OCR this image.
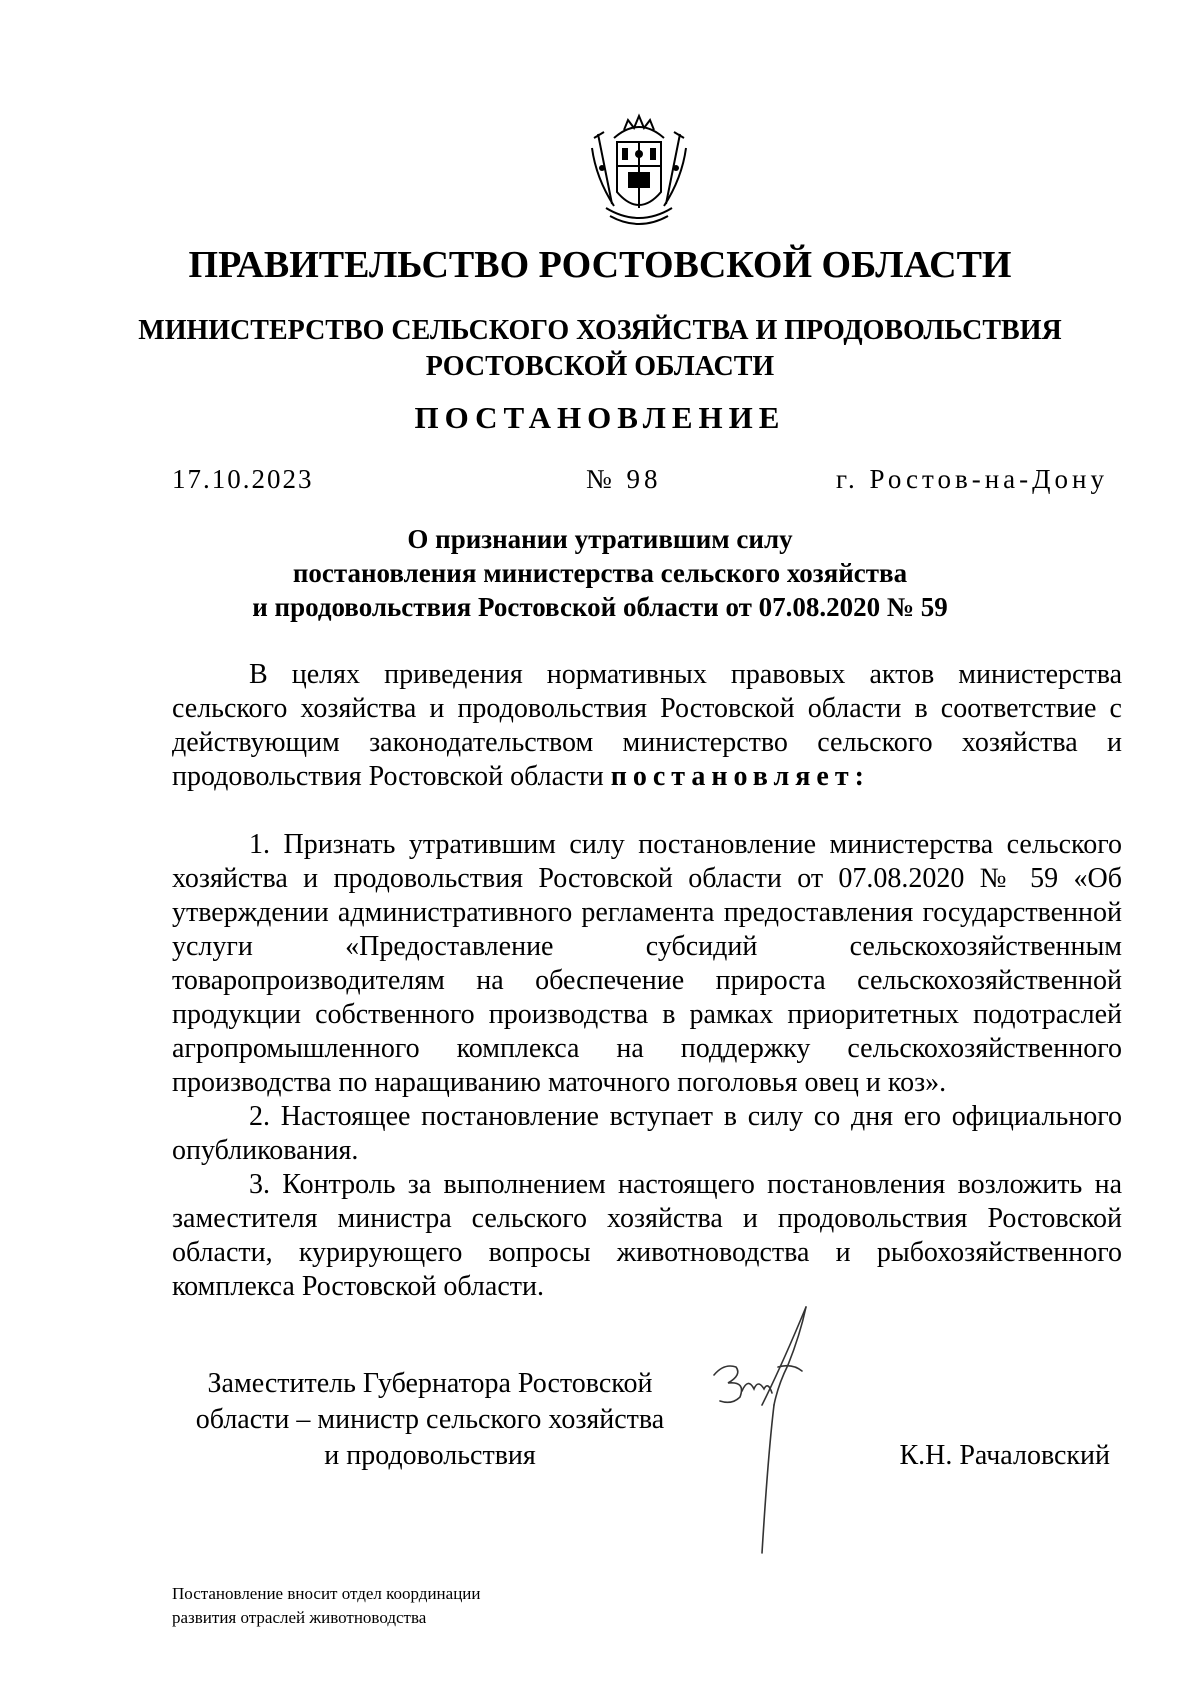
ПРАВИТЕЛЬСТВО РОСТОВСКОЙ ОБЛАСТИ
МИНИСТЕРСТВО СЕЛЬСКОГО ХОЗЯЙСТВА И ПРОДОВОЛЬСТВИЯ
РОСТОВСКОЙ ОБЛАСТИ
ПОСТАНОВЛЕНИЕ
17.10.2023	№ 98	г. Ростов-на-Дону
О признании утратившим силу
постановления министерства сельского хозяйства
и продовольствия Ростовской области от 07.08.2020 № 59

В целях приведения нормативных правовых актов министерства сельского хозяйства и продовольствия Ростовской области в соответствие с действующим законодательством министерство сельского хозяйства и продовольствия Ростовской области постановляет:

1. Признать утратившим силу постановление министерства сельского хозяйства и продовольствия Ростовской области от 07.08.2020 № 59 «Об утверждении административного регламента предоставления государственной услуги «Предоставление субсидий сельскохозяйственным товаропроизводителям на обеспечение прироста сельскохозяйственной продукции собственного производства в рамках приоритетных подотраслей агропромышленного комплекса на поддержку сельскохозяйственного производства по наращиванию маточного поголовья овец и коз».

2. Настоящее постановление вступает в силу со дня его официального опубликования.

3. Контроль за выполнением настоящего постановления возложить на заместителя министра сельского хозяйства и продовольствия Ростовской области, курирующего вопросы животноводства и рыбохозяйственного комплекса Ростовской области.

Заместитель Губернатора Ростовской
области – министр сельского хозяйства
и продовольствия	К.Н. Рачаловский
Постановление вносит отдел координации
развития отраслей животноводства
